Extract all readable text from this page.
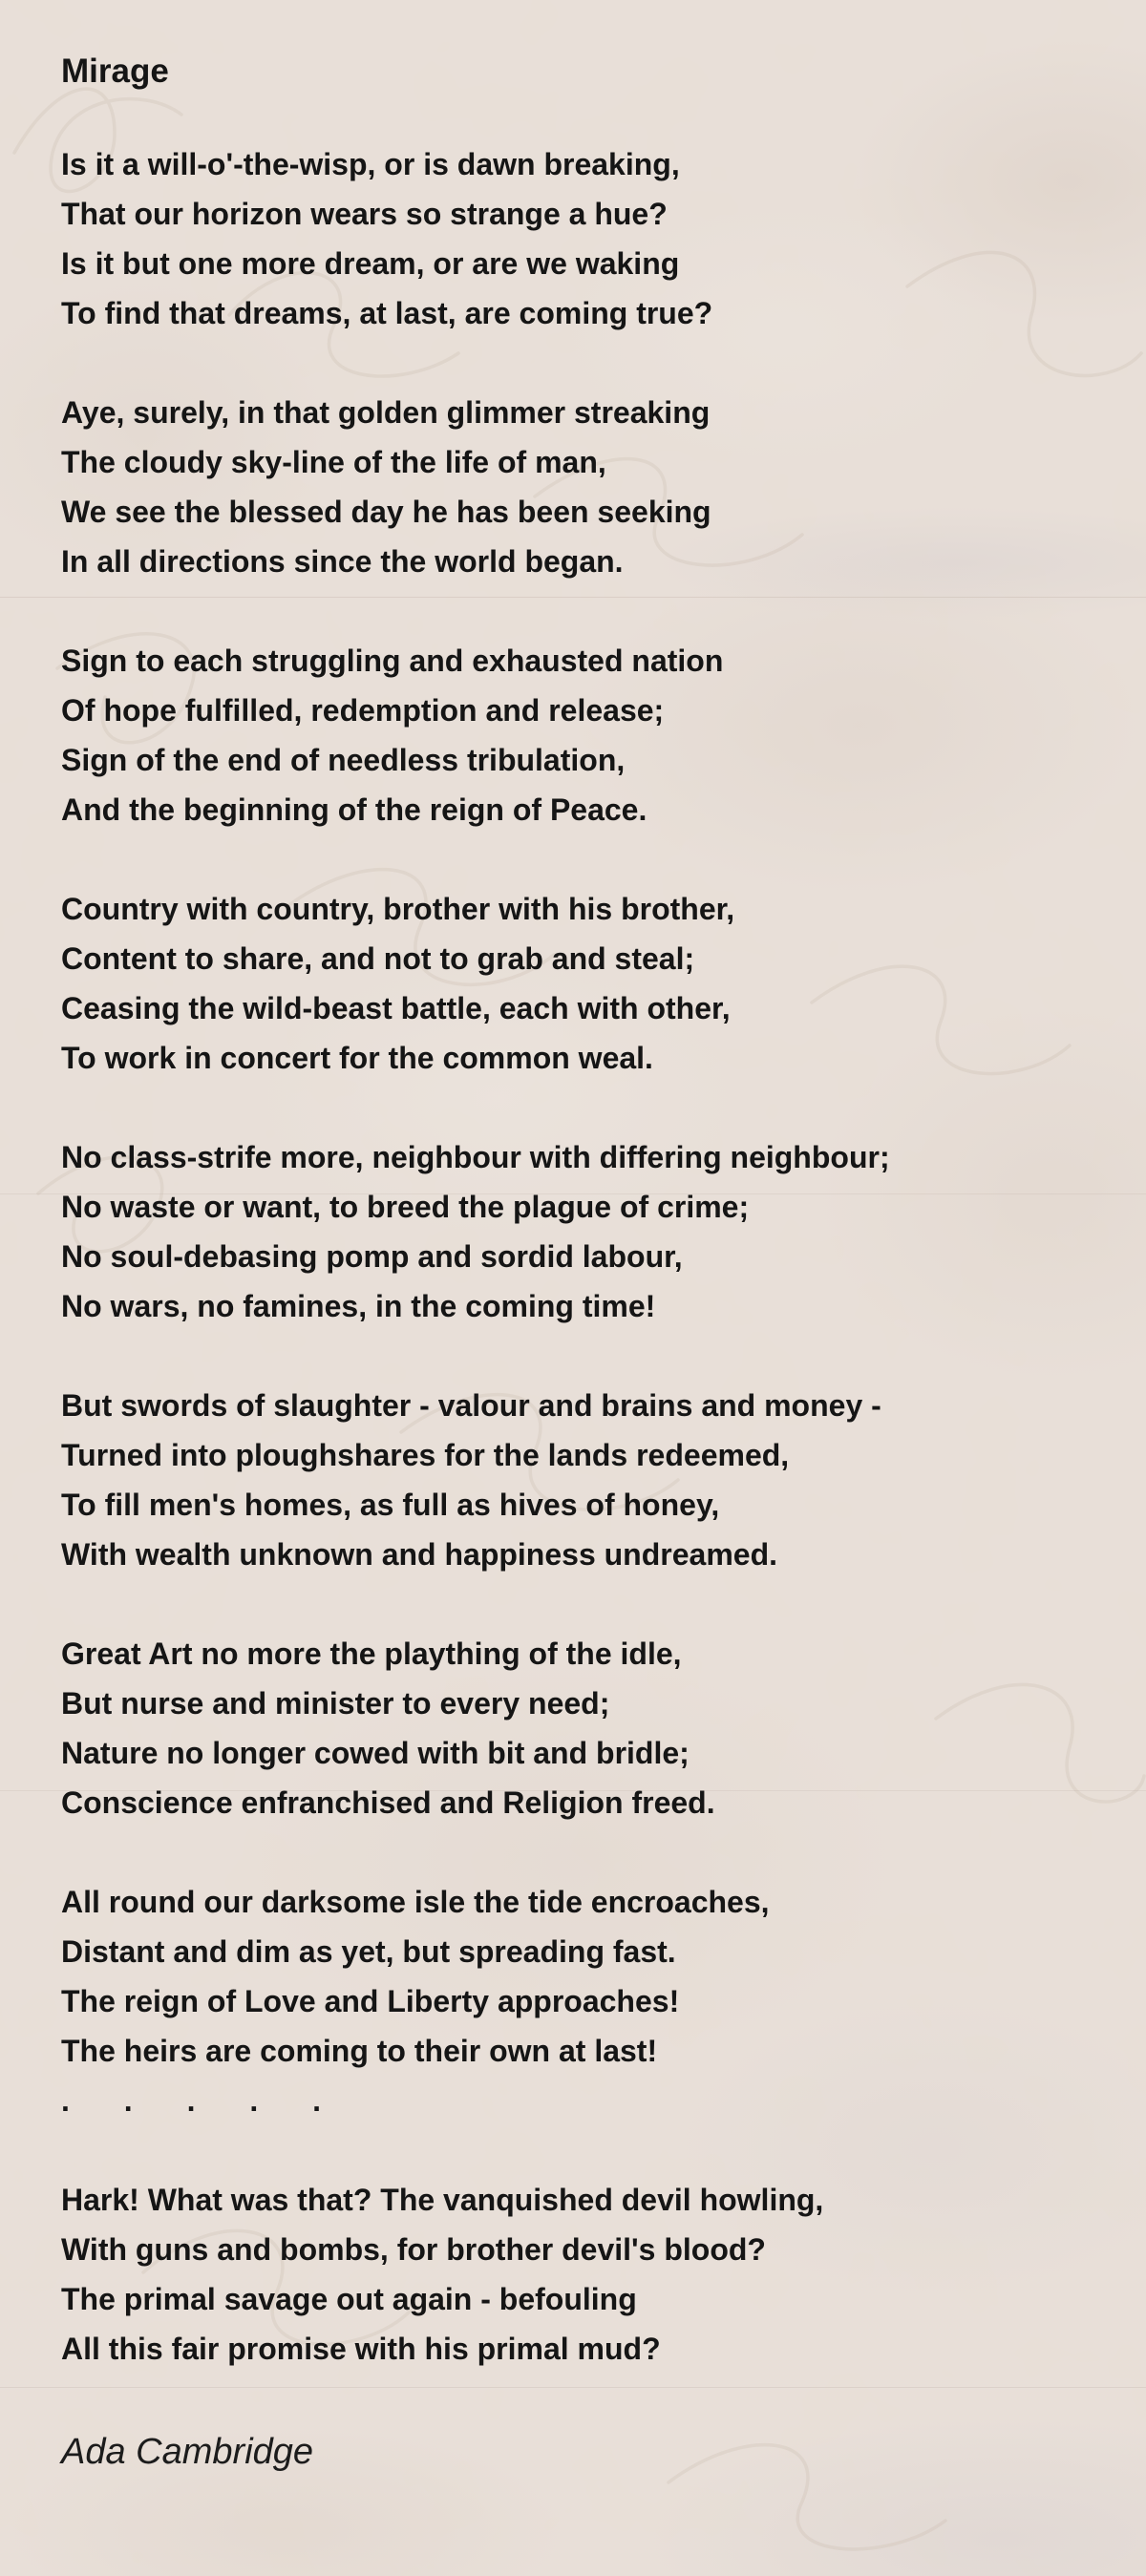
Mirage

Is it a will-o'-the-wisp, or is dawn breaking,
That our horizon wears so strange a hue?
Is it but one more dream, or are we waking
To find that dreams, at last, are coming true?

Aye, surely, in that golden glimmer streaking
The cloudy sky-line of the life of man,
We see the blessed day he has been seeking
In all directions since the world began.

Sign to each struggling and exhausted nation
Of hope fulfilled, redemption and release;
Sign of the end of needless tribulation,
And the beginning of the reign of Peace.

Country with country, brother with his brother,
Content to share, and not to grab and steal;
Ceasing the wild-beast battle, each with other,
To work in concert for the common weal.

No class-strife more, neighbour with differing neighbour;
No waste or want, to breed the plague of crime;
No soul-debasing pomp and sordid labour,
No wars, no famines, in the coming time!

But swords of slaughter - valour and brains and money -
Turned into ploughshares for the lands redeemed,
To fill men's homes, as full as hives of honey,
With wealth unknown and happiness undreamed.

Great Art no more the plaything of the idle,
But nurse and minister to every need;
Nature no longer cowed with bit and bridle;
Conscience enfranchised and Religion freed.

All round our darksome isle the tide encroaches,
Distant and dim as yet, but spreading fast.
The reign of Love and Liberty approaches!
The heirs are coming to their own at last!
. . . . .

Hark! What was that? The vanquished devil howling,
With guns and bombs, for brother devil's blood?
The primal savage out again - befouling
All this fair promise with his primal mud?

Ada Cambridge
